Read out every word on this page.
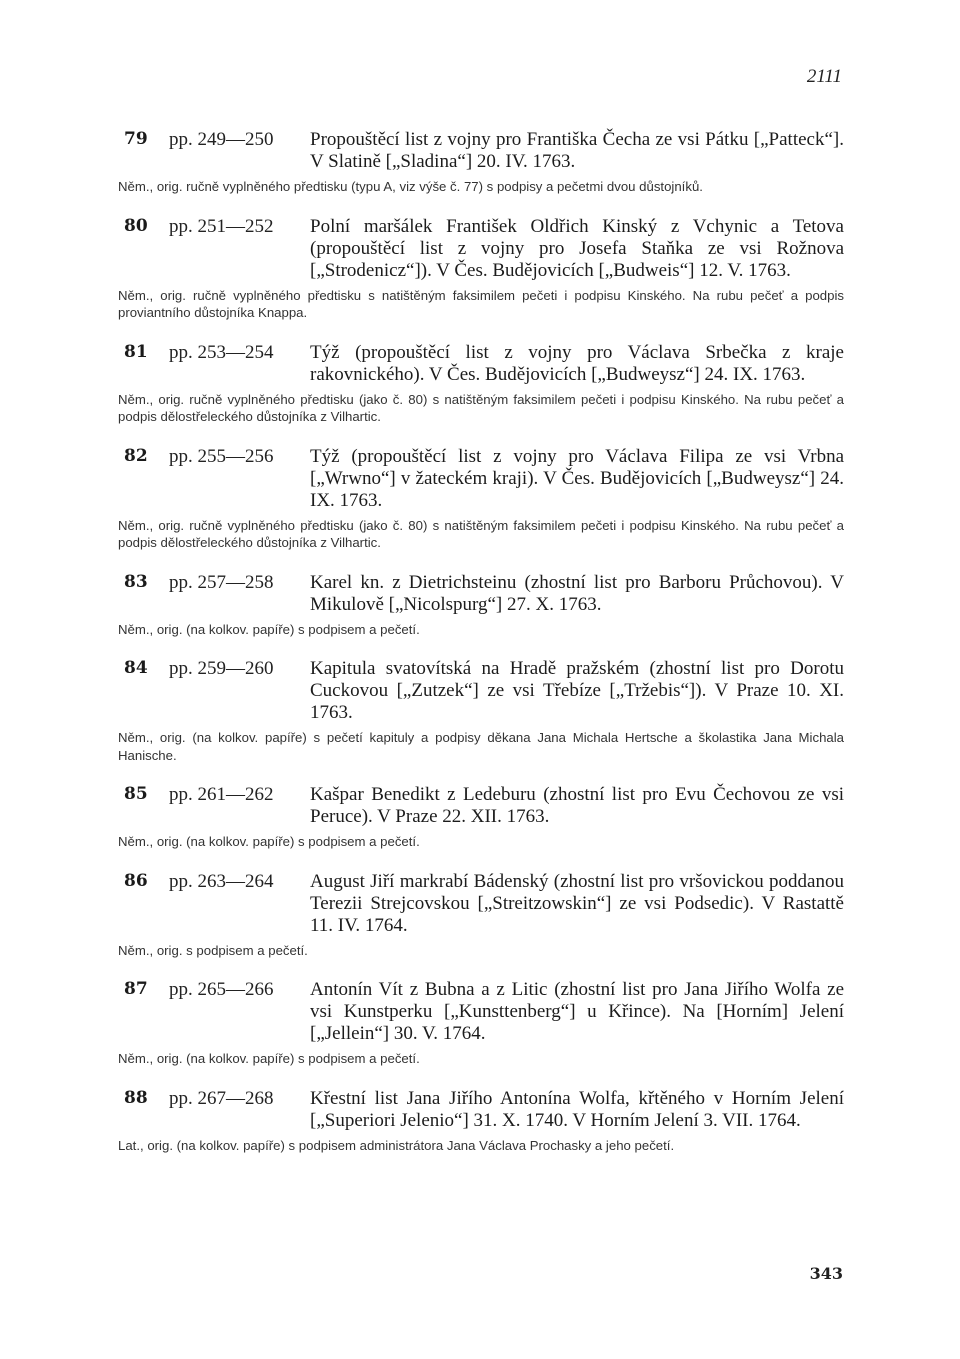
2111
79 pp. 249—250 Propouštěcí list z vojny pro Františka Čecha ze vsi Pátku [„Patteck“]. V Slatině [„Sladina“] 20. IV. 1763.
Něm., orig. ručně vyplněného předtisku (typu A, viz výše č. 77) s podpisy a pečetmi dvou důstojníků.
80 pp. 251—252 Polní maršálek František Oldřich Kinský z Vchynic a Tetova (propouštěcí list z vojny pro Josefa Staňka ze vsi Rožnova [„Strodenicz“]). V Čes. Budějovicích [„Budweis“] 12. V. 1763.
Něm., orig. ručně vyplněného předtisku s natištěným faksimilem pečeti i podpisu Kinského. Na rubu pečeť a podpis proviantního důstojníka Knappa.
81 pp. 253—254 Týž (propouštěcí list z vojny pro Václava Srbečka z kraje rakovnického). V Čes. Budějovicích [„Budweysz“] 24. IX. 1763.
Něm., orig. ručně vyplněného předtisku (jako č. 80) s natištěným faksimilem pečeti i podpisu Kinského. Na rubu pečeť a podpis dělostřeleckého důstojníka z Vilhartic.
82 pp. 255—256 Týž (propouštěcí list z vojny pro Václava Filipa ze vsi Vrbna [„Wrwno“] v žateckém kraji). V Čes. Budějovicích [„Budweysz“] 24. IX. 1763.
Něm., orig. ručně vyplněného předtisku (jako č. 80) s natištěným faksimilem pečeti i podpisu Kinského. Na rubu pečeť a podpis dělostřeleckého důstojníka z Vilhartic.
83 pp. 257—258 Karel kn. z Dietrichsteinu (zhostní list pro Barboru Průchovou). V Mikulově [„Nicolspurg“] 27. X. 1763.
Něm., orig. (na kolkov. papíře) s podpisem a pečetí.
84 pp. 259—260 Kapitula svatovítská na Hradě pražském (zhostní list pro Dorotu Cuckovou [„Zutzek“] ze vsi Třebíze [„Tržebis“]). V Praze 10. XI. 1763.
Něm., orig. (na kolkov. papíře) s pečetí kapituly a podpisy děkana Jana Michala Hertsche a školastika Jana Michala Hanische.
85 pp. 261—262 Kašpar Benedikt z Ledeburu (zhostní list pro Evu Čechovou ze vsi Peruce). V Praze 22. XII. 1763.
Něm., orig. (na kolkov. papíře) s podpisem a pečetí.
86 pp. 263—264 August Jiří markrabí Bádenský (zhostní list pro vršovickou poddanou Terezii Strejcovskou [„Streitzowskin“] ze vsi Podsedic). V Rastattě 11. IV. 1764.
Něm., orig. s podpisem a pečetí.
87 pp. 265—266 Antonín Vít z Bubna a z Litic (zhostní list pro Jana Jiřího Wolfa ze vsi Kunstperku [„Kunsttenberg“] u Křince). Na [Horním] Jelení [„Jellein“] 30. V. 1764.
Něm., orig. (na kolkov. papíře) s podpisem a pečetí.
88 pp. 267—268 Křestní list Jana Jiřího Antonína Wolfa, křtěného v Horním Jelení [„Superiori Jelenio“] 31. X. 1740. V Horním Jelení 3. VII. 1764.
Lat., orig. (na kolkov. papíře) s podpisem administrátora Jana Václava Prochasky a jeho pečetí.
343
